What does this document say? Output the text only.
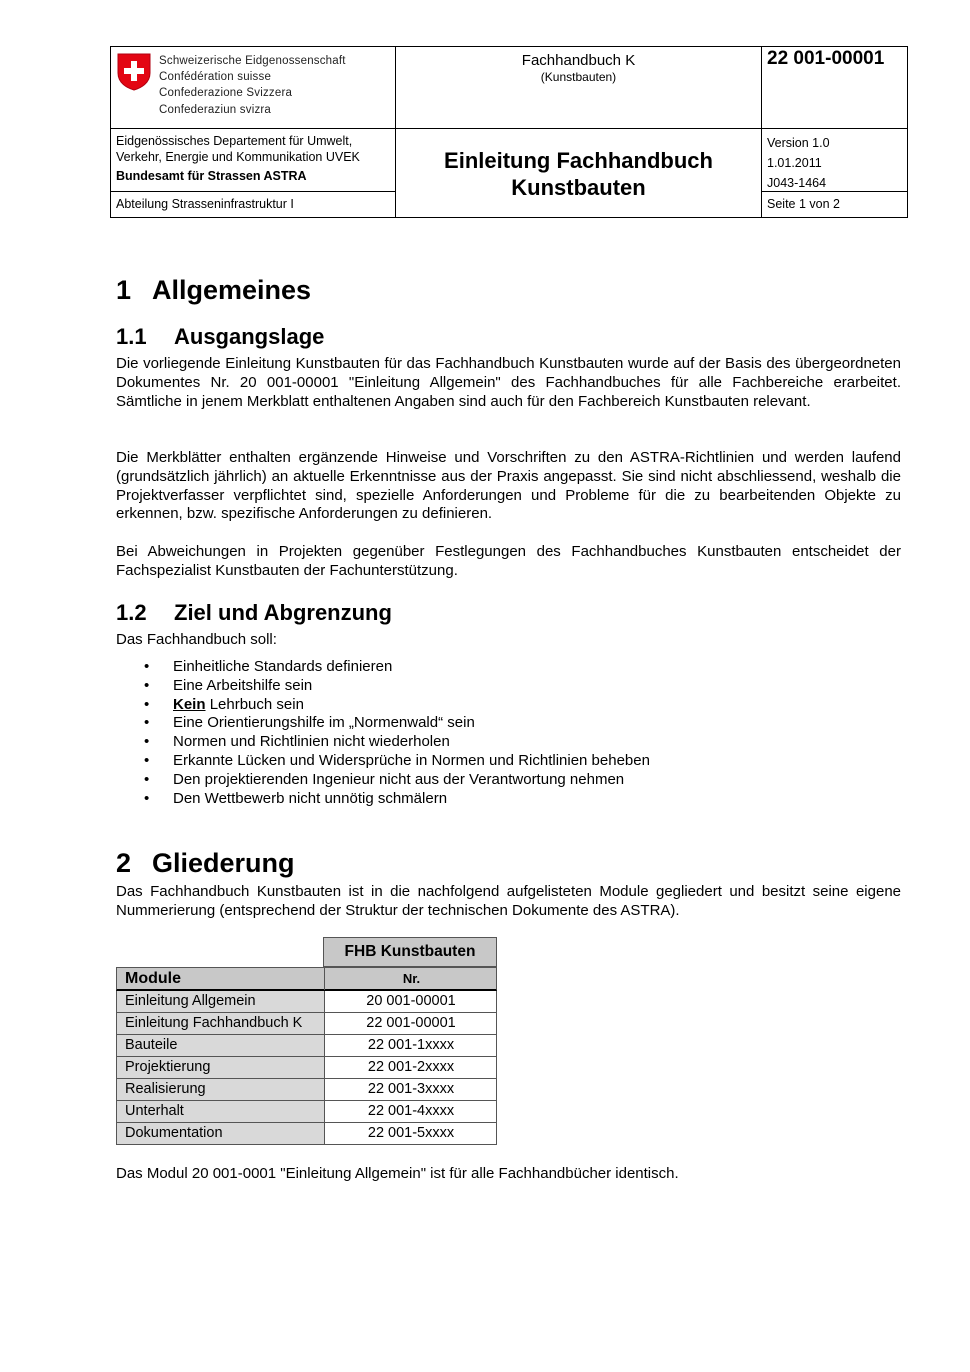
Schweizerische Eidgenossenschaft
Confédération suisse
Confederazione Svizzera
Confederaziun svizra
Fachhandbuch K
(Kunstbauten)
22 001-00001
Eidgenössisches Departement für Umwelt,
Verkehr, Energie und Kommunikation UVEK
Bundesamt für Strassen ASTRA
Einleitung Fachhandbuch
Kunstbauten
Version 1.0
1.01.2011
J043-1464
Abteilung Strasseninfrastruktur I	Seite 1 von 2
1 Allgemeines
1.1 Ausgangslage
Die vorliegende Einleitung Kunstbauten für das Fachhandbuch Kunstbauten wurde auf der Basis des übergeordneten Dokumentes Nr. 20 001-00001 "Einleitung Allgemein" des Fachhandbuches für alle Fachbereiche erarbeitet. Sämtliche in jenem Merkblatt enthaltenen Angaben sind auch für den Fachbereich Kunstbauten relevant.
Die Merkblätter enthalten ergänzende Hinweise und Vorschriften zu den ASTRA-Richtlinien und werden laufend (grundsätzlich jährlich) an aktuelle Erkenntnisse aus der Praxis angepasst. Sie sind nicht abschliessend, weshalb die Projektverfasser verpflichtet sind, spezielle Anforderungen und Probleme für die zu bearbeitenden Objekte zu erkennen, bzw. spezifische Anforderungen zu definieren.
Bei Abweichungen in Projekten gegenüber Festlegungen des Fachhandbuches Kunstbauten entscheidet der Fachspezialist Kunstbauten der Fachunterstützung.
1.2 Ziel und Abgrenzung
Das Fachhandbuch soll:
• Einheitliche Standards definieren
• Eine Arbeitshilfe sein
• Kein Lehrbuch sein
• Eine Orientierungshilfe im „Normenwald“ sein
• Normen und Richtlinien nicht wiederholen
• Erkannte Lücken und Widersprüche in Normen und Richtlinien beheben
• Den projektierenden Ingenieur nicht aus der Verantwortung nehmen
• Den Wettbewerb nicht unnötig schmälern
2 Gliederung
Das Fachhandbuch Kunstbauten ist in die nachfolgend aufgelisteten Module gegliedert und besitzt seine eigene Nummerierung (entsprechend der Struktur der technischen Dokumente des ASTRA).
FHB Kunstbauten
Module	Nr.
Einleitung Allgemein	20 001-00001
Einleitung Fachhandbuch K	22 001-00001
Bauteile	22 001-1xxxx
Projektierung	22 001-2xxxx
Realisierung	22 001-3xxxx
Unterhalt	22 001-4xxxx
Dokumentation	22 001-5xxxx
Das Modul 20 001-0001 "Einleitung Allgemein" ist für alle Fachhandbücher identisch.
